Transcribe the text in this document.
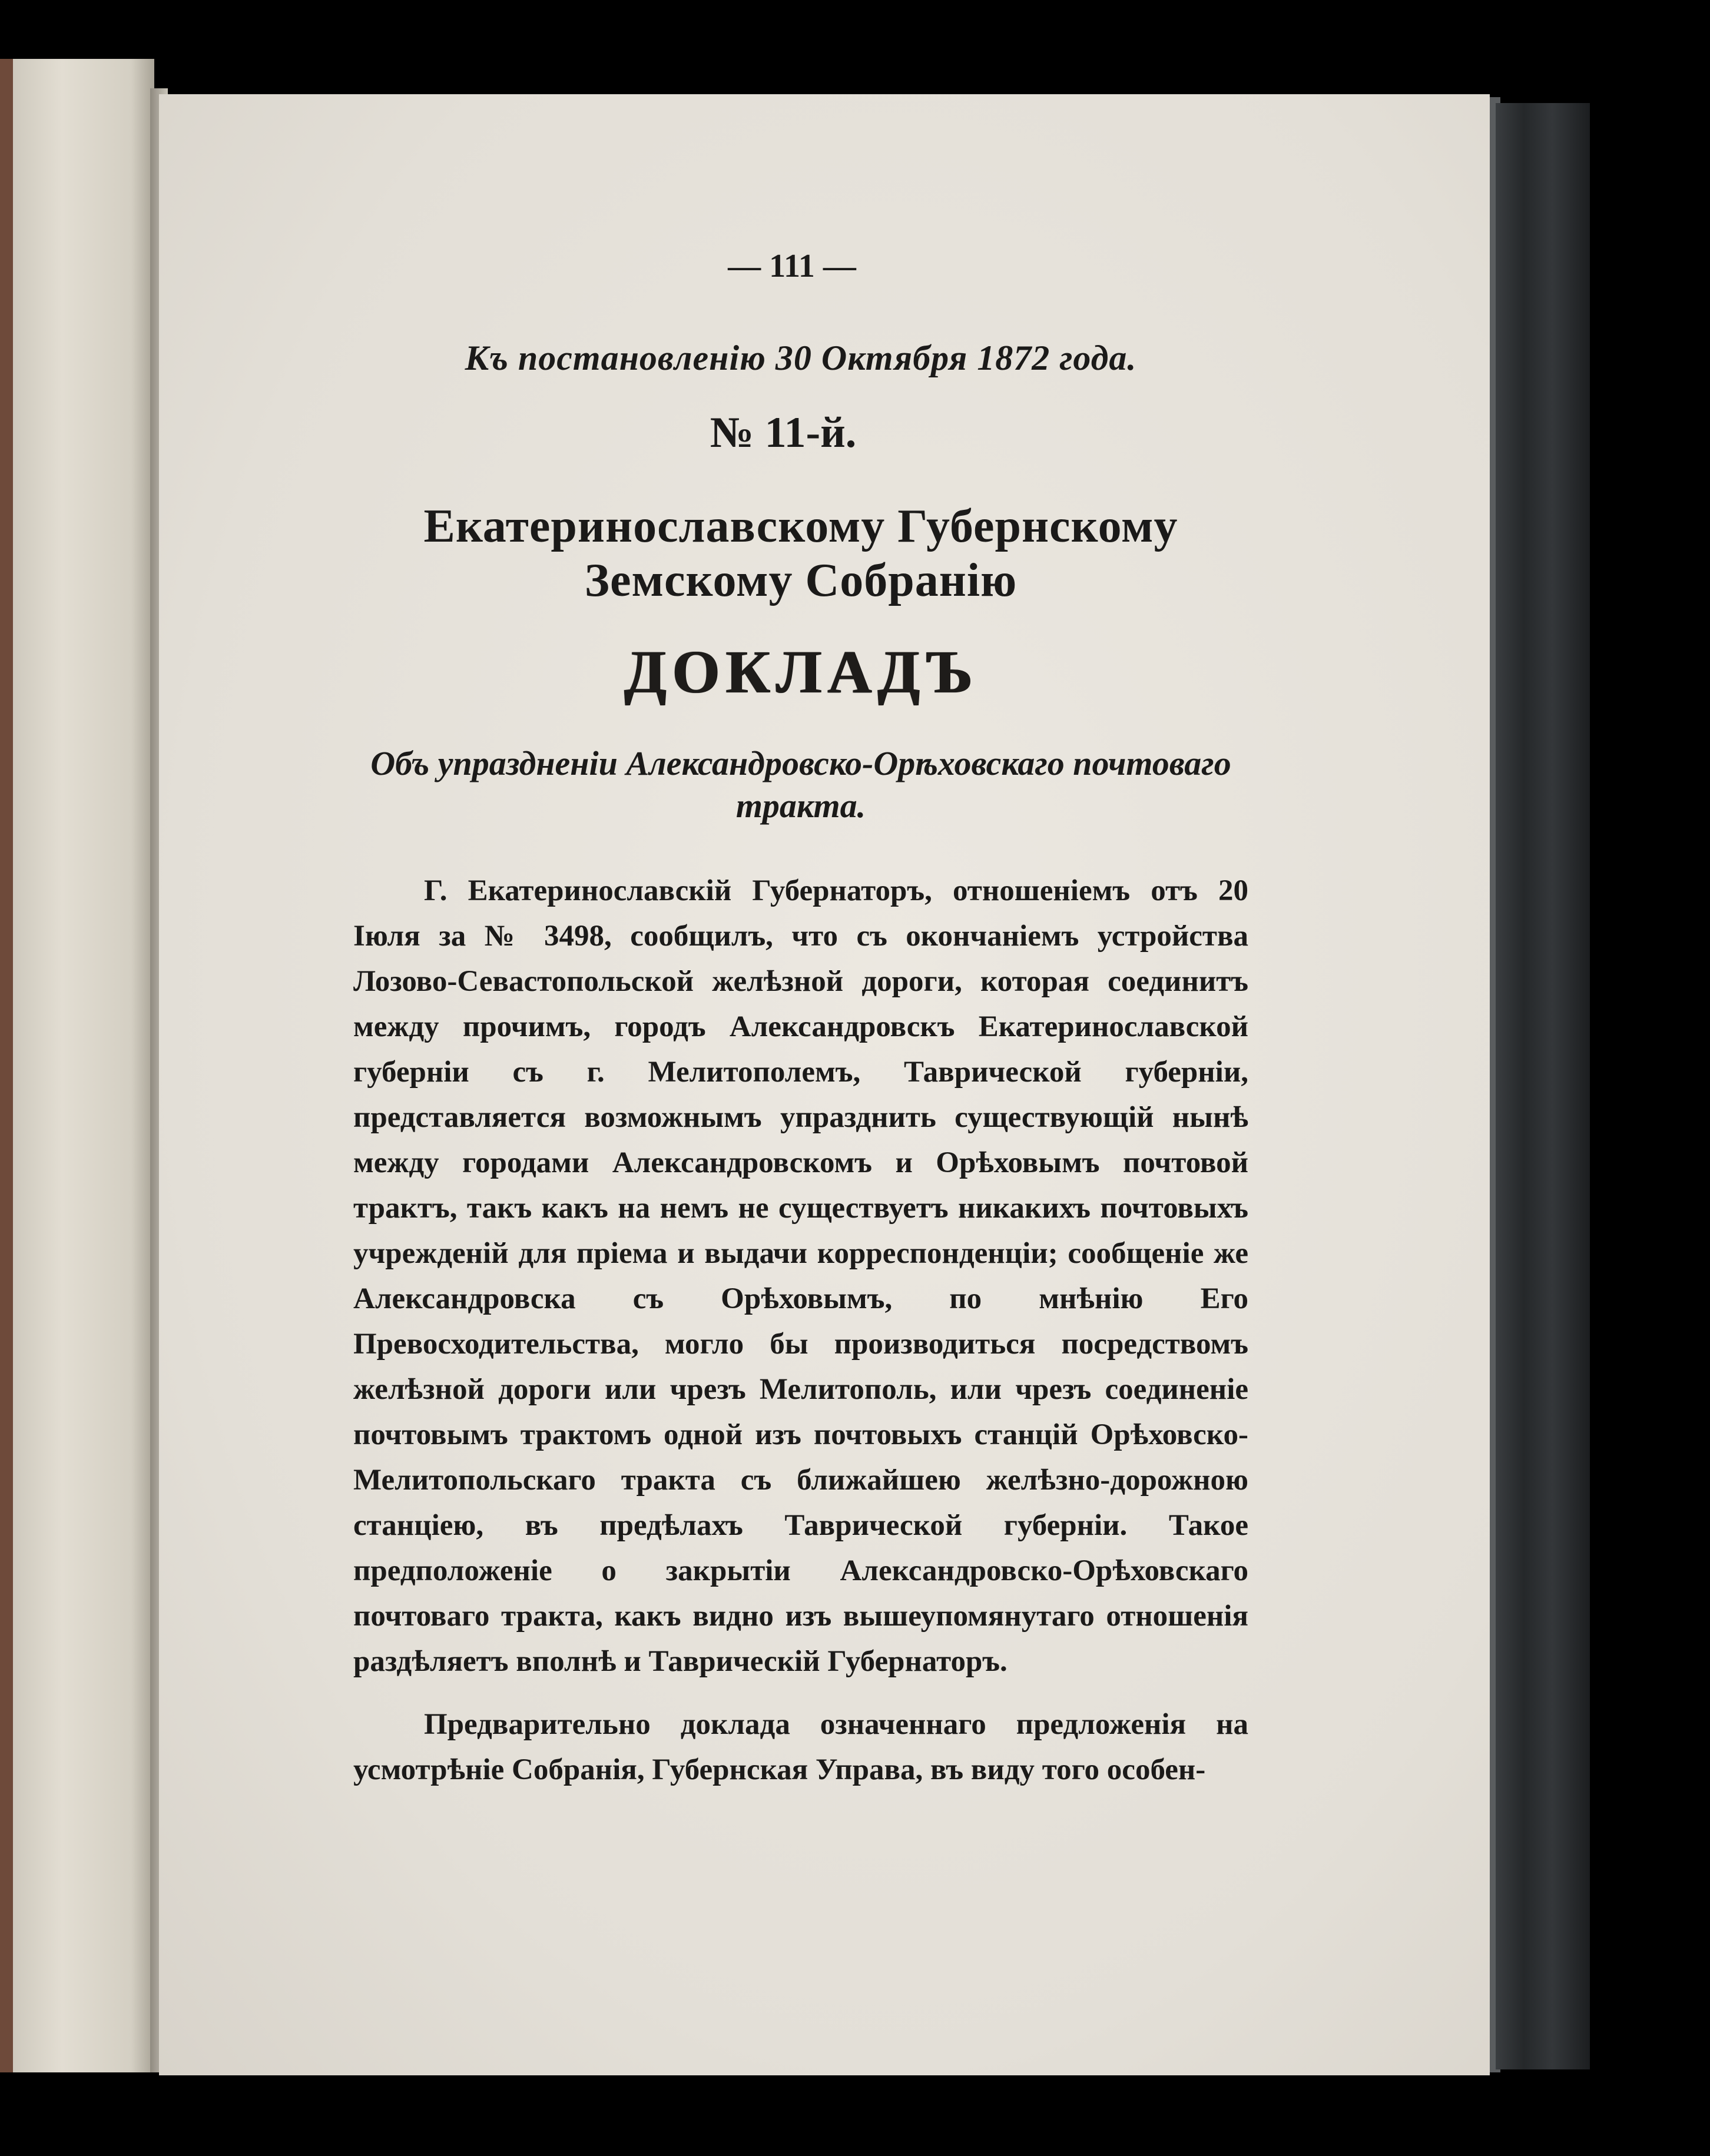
— 111 —
Къ постановленію 30 Октября 1872 года.
№ 11-й.
Екатеринославскому Губернскому Земскому Собранію
ДОКЛАДЪ
Объ упраздненіи Александровско-Орѣховскаго почтоваго тракта.

Г. Екатеринославскій Губернаторъ, отношеніемъ отъ 20 Іюля за № 3498, сообщилъ, что съ окончаніемъ устройства Лозово-Севастопольской желѣзной дороги, которая соединитъ между прочимъ, городъ Александровскъ Екатеринославской губерніи съ г. Мелитополемъ, Таврической губерніи, представляется возможнымъ упразднить существующій нынѣ между городами Александровскомъ и Орѣховымъ почтовой трактъ, такъ какъ на немъ не существуетъ никакихъ почтовыхъ учрежденій для пріема и выдачи корреспонденціи; сообщеніе же Александровска съ Орѣховымъ, по мнѣнію Его Превосходительства, могло бы производиться посредствомъ желѣзной дороги или чрезъ Мелитополь, или чрезъ соединеніе почтовымъ трактомъ одной изъ почтовыхъ станцій Орѣховско-Мелитопольскаго тракта съ ближайшею желѣзно-дорожною станціею, въ предѣлахъ Таврической губерніи. Такое предположеніе о закрытіи Александровско-Орѣховскаго почтоваго тракта, какъ видно изъ вышеупомянутаго отношенія раздѣляетъ вполнѣ и Таврическій Губернаторъ.

Предварительно доклада означеннаго предложенія на усмотрѣніе Собранія, Губернская Управа, въ виду того особен-
